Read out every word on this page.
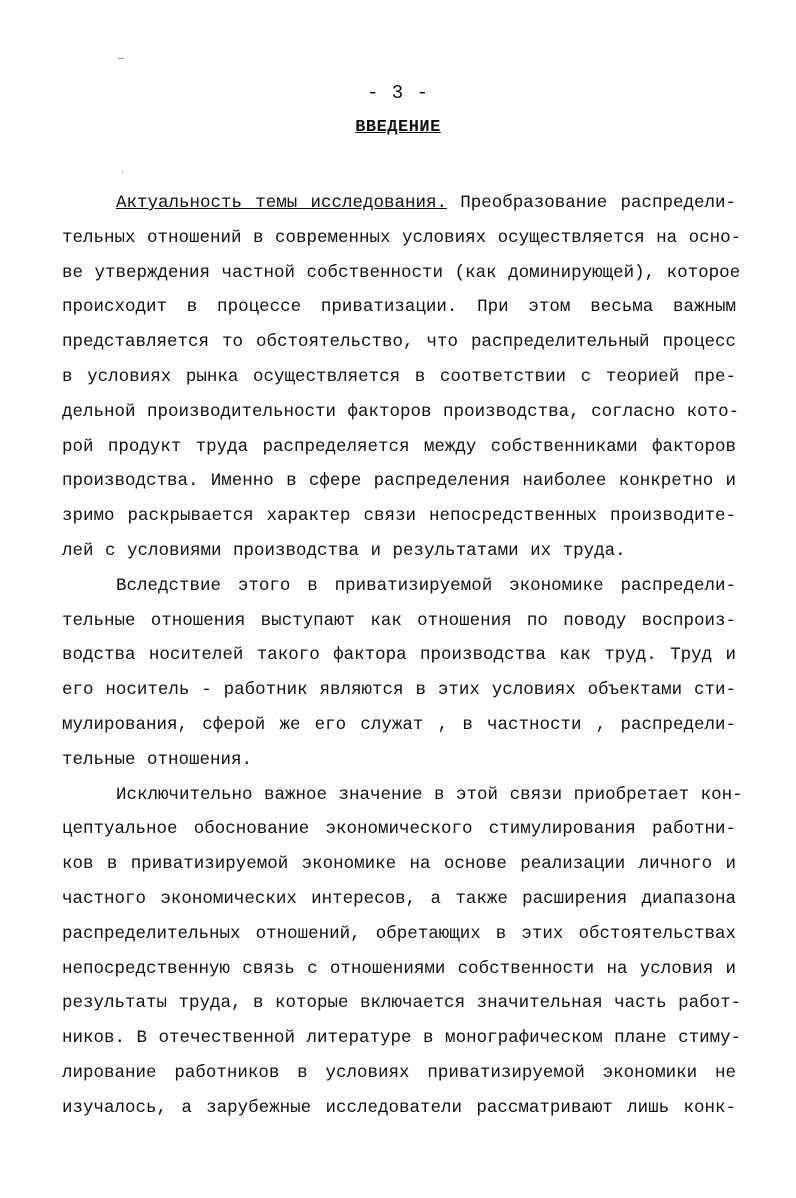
- 3 -
ВВЕДЕНИЕ
Актуальность темы исследования. Преобразование распредели-
тельных отношений в современных условиях осуществляется на осно-
ве утверждения частной собственности (как доминирующей), которое
происходит в процессе приватизации. При этом весьма важным
представляется то обстоятельство, что распределительный процесс
в условиях рынка осуществляется в соответствии с теорией пре-
дельной производительности факторов производства, согласно кото-
рой продукт труда распределяется между собственниками факторов
производства. Именно в сфере распределения наиболее конкретно и
зримо раскрывается характер связи непосредственных производите-
лей с условиями производства и результатами их труда.
Вследствие этого в приватизируемой экономике распредели-
тельные отношения выступают как отношения по поводу воспроиз-
водства носителей такого фактора производства как труд. Труд и
его носитель - работник являются в этих условиях объектами сти-
мулирования, сферой же его служат , в частности , распредели-
тельные отношения.
Исключительно важное значение в этой связи приобретает кон-
цептуальное обоснование экономического стимулирования работни-
ков в приватизируемой экономике на основе реализации личного и
частного экономических интересов, а также расширения диапазона
распределительных отношений, обретающих в этих обстоятельствах
непосредственную связь с отношениями собственности на условия и
результаты труда, в которые включается значительная часть работ-
ников. В отечественной литературе в монографическом плане стиму-
лирование работников в условиях приватизируемой экономики не
изучалось, а зарубежные исследователи рассматривают лишь конк-
